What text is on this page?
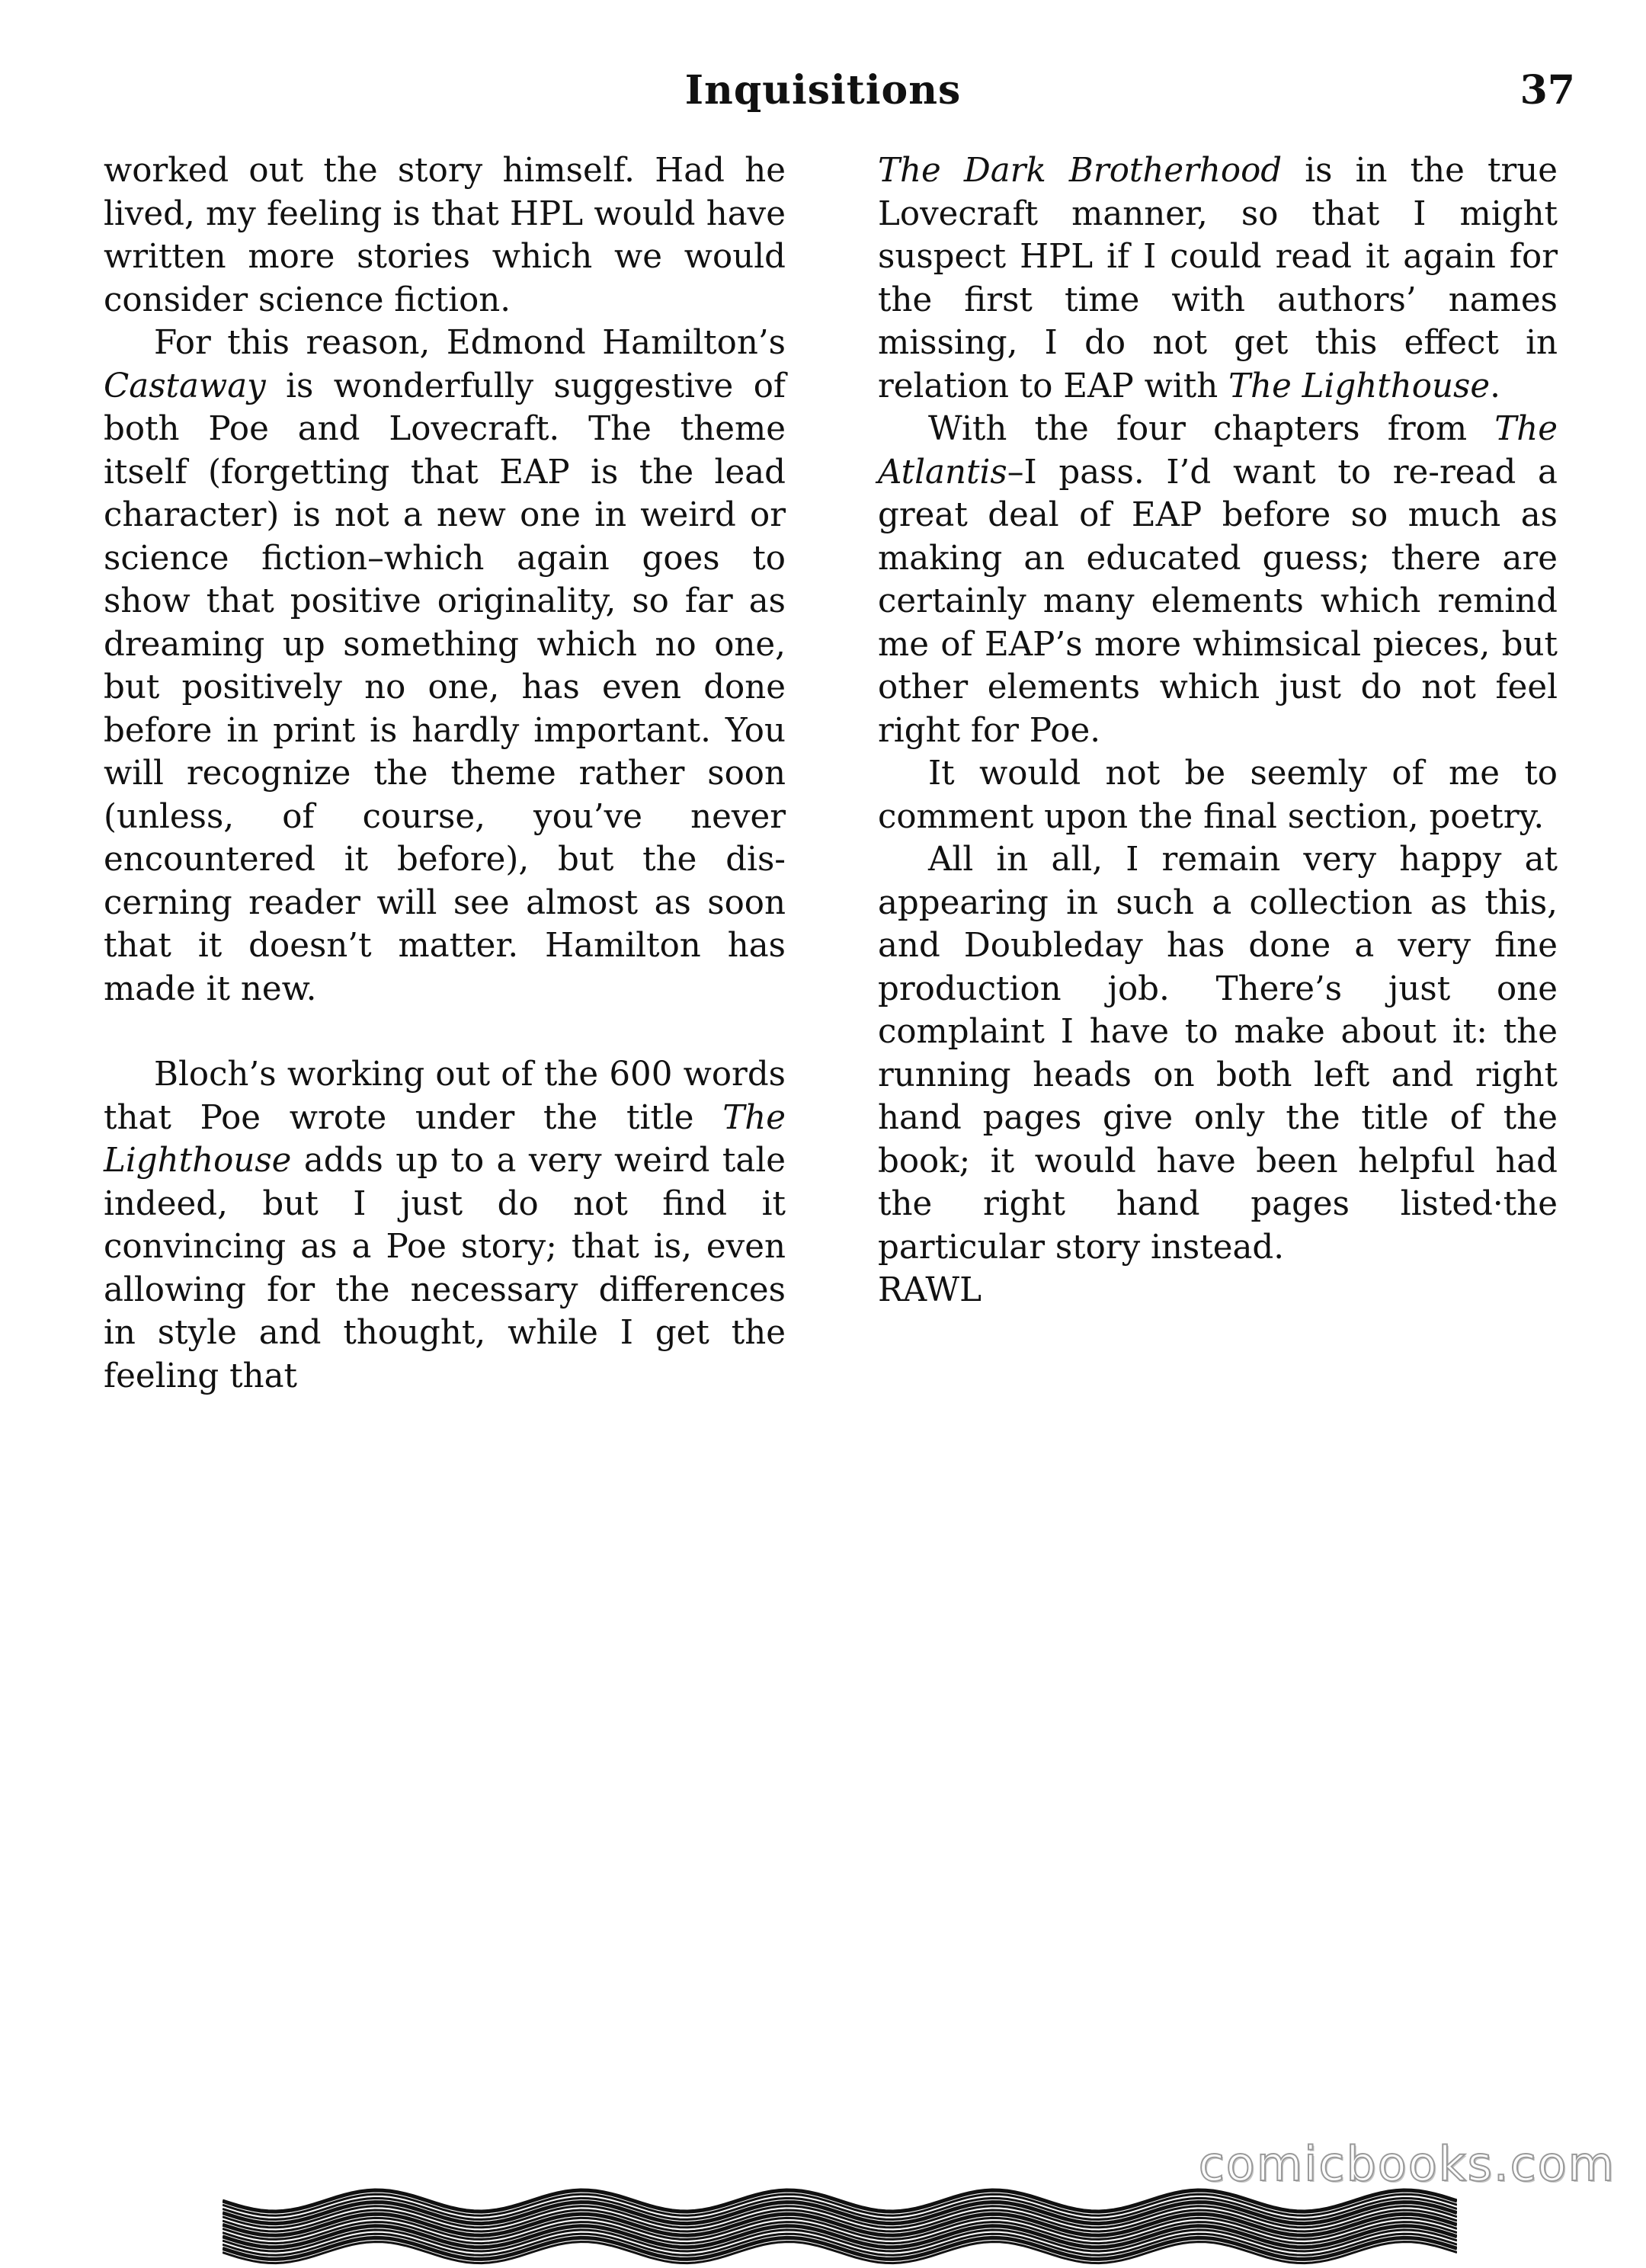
Inquisitions	37

worked out the story himself. Had he lived, my feeling is that HPL would have written more stories which we would consider science fiction.

For this reason, Edmond Hamilton’s Castaway is wonderfully suggestive of both Poe and Lovecraft. The theme itself (forgetting that EAP is the lead character) is not a new one in weird or science fiction–which again goes to show that positive originality, so far as dreaming up something which no one, but positively no one, has even done before in print is hardly important. You will recognize the theme rather soon (unless, of course, you’ve never encountered it before), but the discerning reader will see almost as soon that it doesn’t matter. Hamilton has made it new.

Bloch’s working out of the 600 words that Poe wrote under the title The Lighthouse adds up to a very weird tale indeed, but I just do not find it convincing as a Poe story; that is, even allowing for the necessary differences in style and thought, while I get the feeling that

The Dark Brotherhood is in the true Lovecraft manner, so that I might suspect HPL if I could read it again for the first time with authors’ names missing, I do not get this effect in relation to EAP with The Lighthouse.

With the four chapters from The Atlantis–I pass. I’d want to re-read a great deal of EAP before so much as making an educated guess; there are certainly many elements which remind me of EAP’s more whimsical pieces, but other elements which just do not feel right for Poe.

It would not be seemly of me to comment upon the final section, poetry.

All in all, I remain very happy at appearing in such a collection as this, and Doubleday has done a very fine production job. There’s just one complaint I have to make about it: the running heads on both left and right hand pages give only the title of the book; it would have been helpful had the right hand pages listed·the particular story instead.

RAWL
comicbooks.com
